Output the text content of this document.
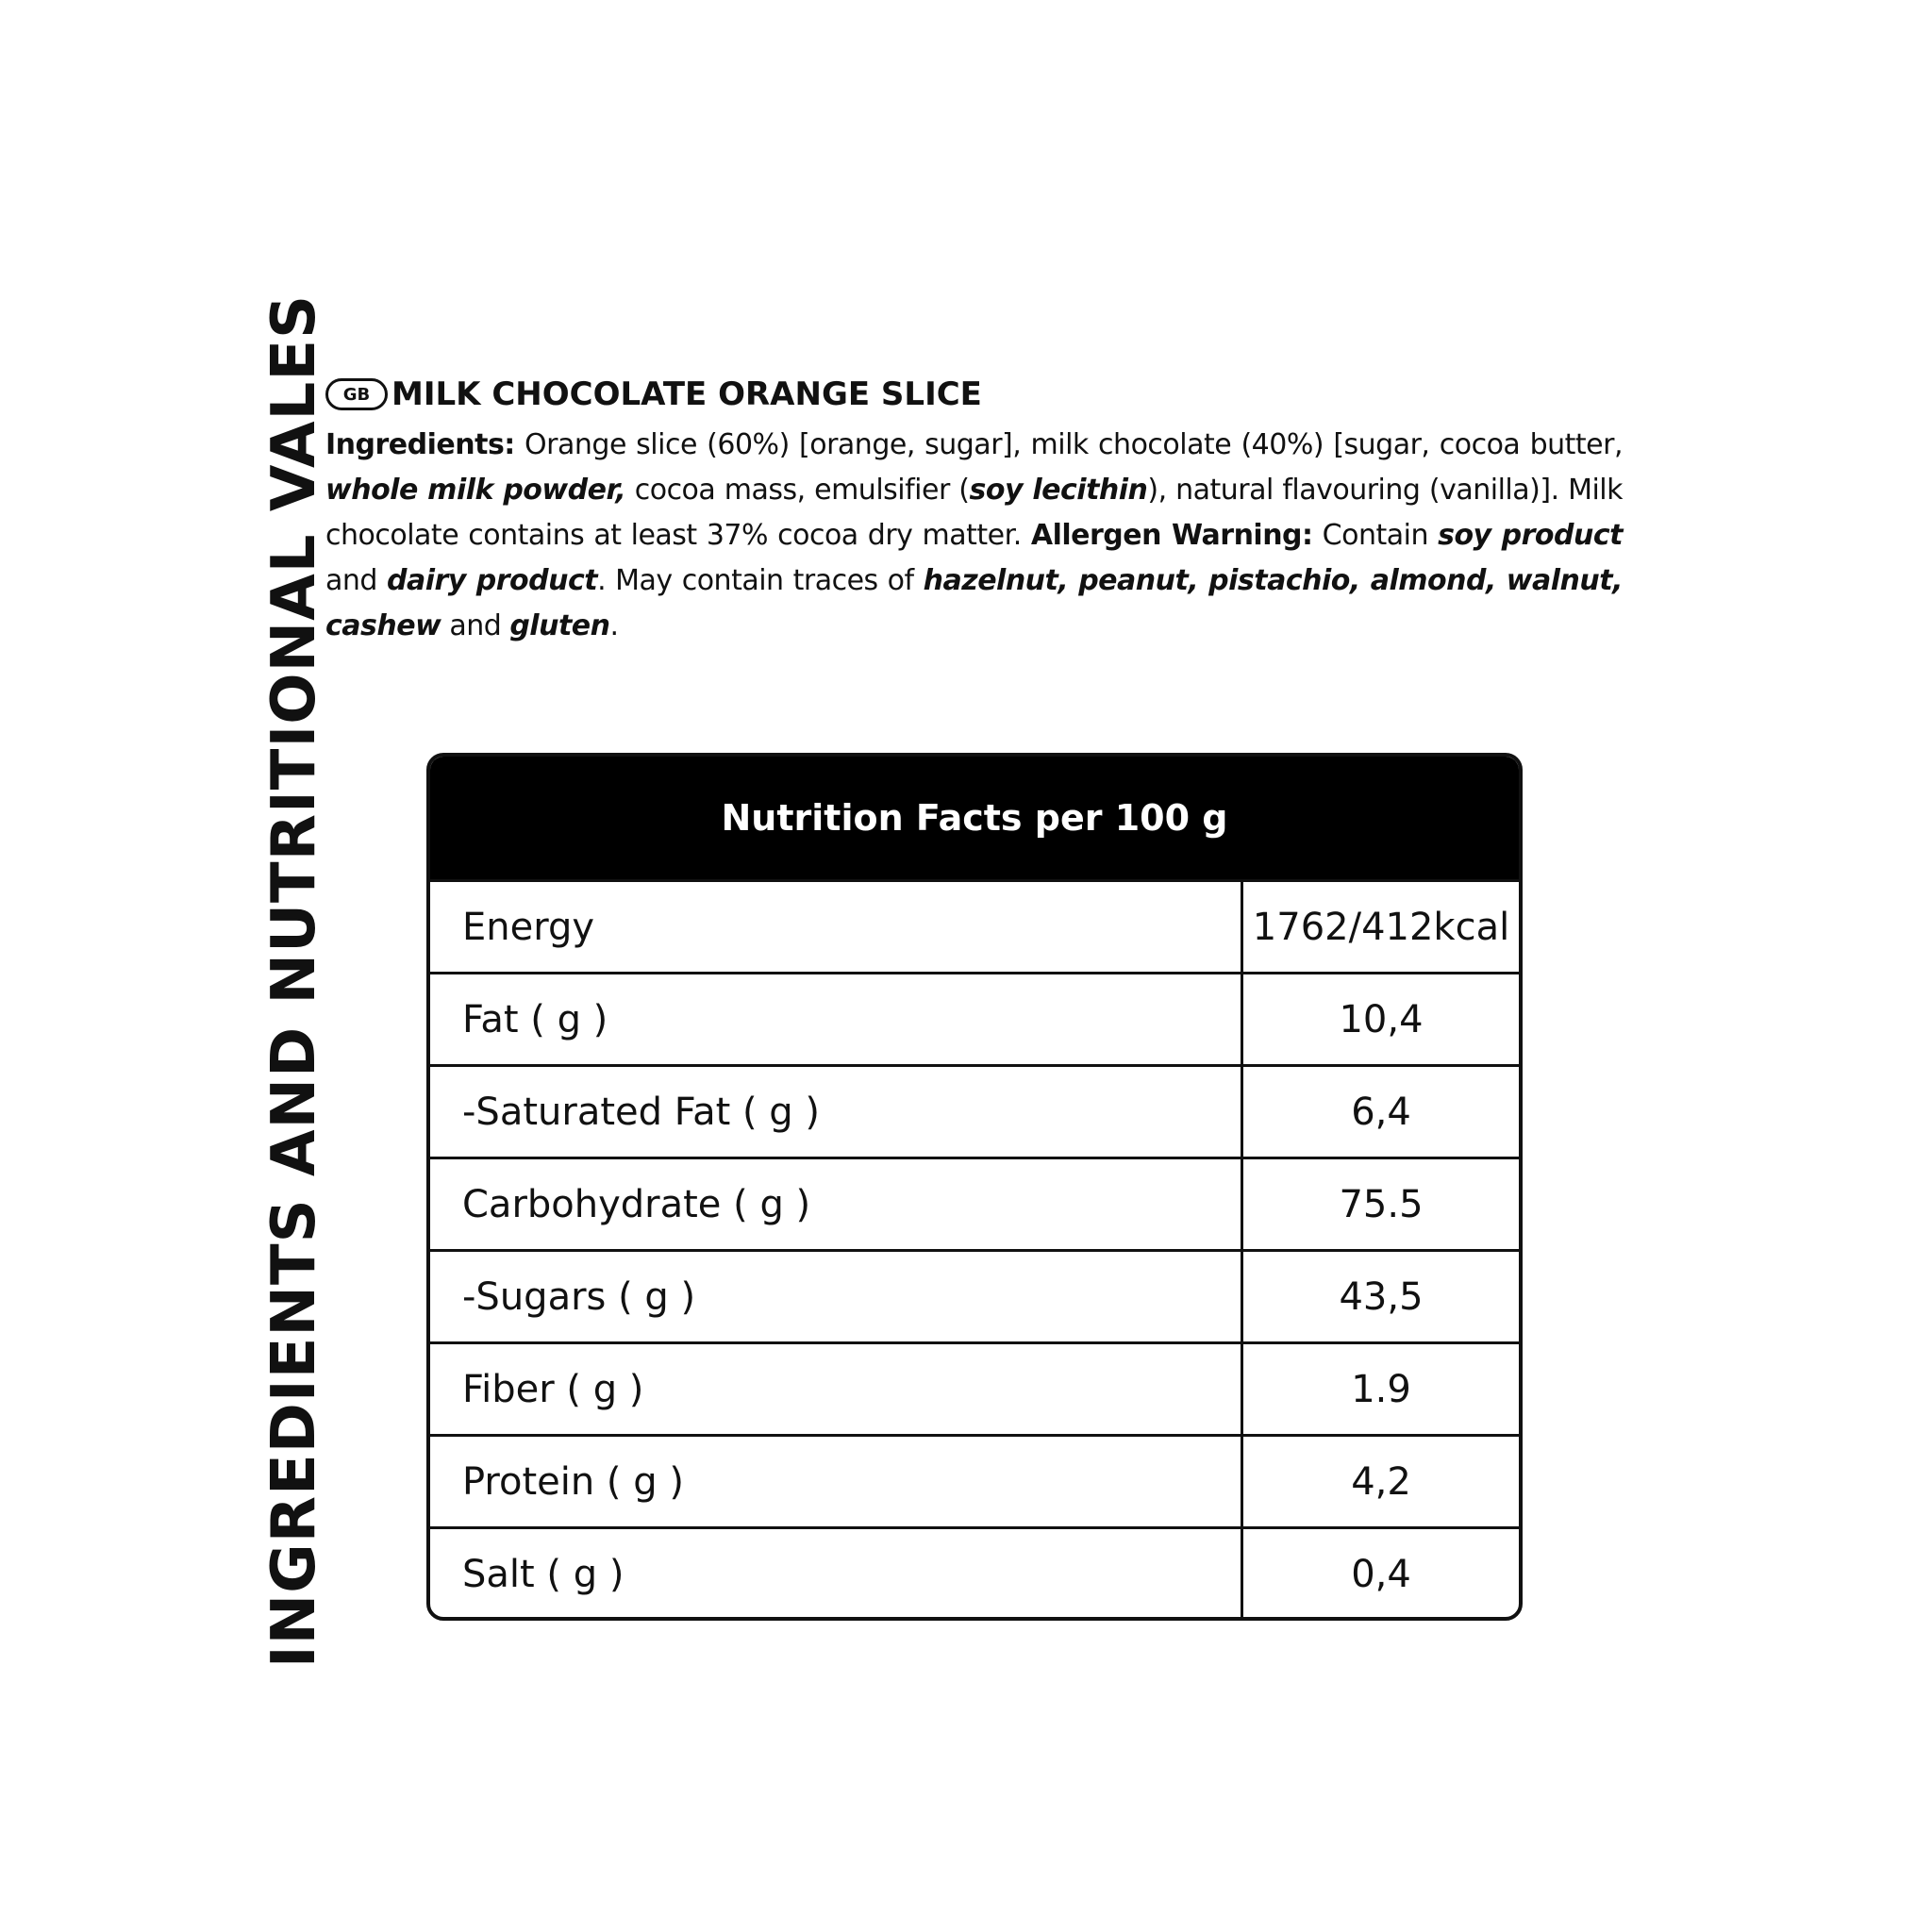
INGREDIENTS AND NUTRITIONAL VALES GB MILK CHOCOLATE ORANGE SLICE

Ingredients: Orange slice (60%) [orange, sugar], milk chocolate (40%) [sugar, cocoa butter, whole milk powder, cocoa mass, emulsifier (soy lecithin), natural flavouring (vanilla)]. Milk chocolate contains at least 37% cocoa dry matter. Allergen Warning: Contain soy product and dairy product. May contain traces of hazelnut, peanut, pistachio, almond, walnut, cashew and gluten.

Nutrition Facts per 100 g
Energy	1762/412kcal
Fat ( g )	10,4
-Saturated Fat ( g )	6,4
Carbohydrate ( g )	75.5
-Sugars ( g )	43,5
Fiber ( g )	1.9
Protein ( g )	4,2
Salt ( g )	0,4
